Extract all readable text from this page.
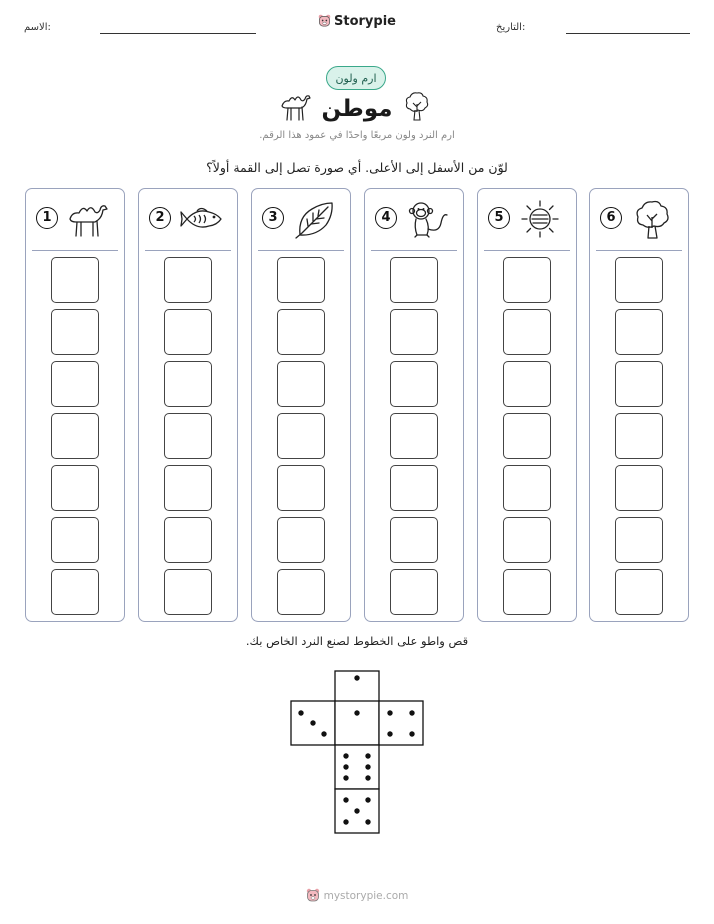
الاسم:	Storypie	التاريخ:
ارم ولون
موطن
ارم النرد ولون مربعًا واحدًا في عمود هذا الرقم.
لوّن من الأسفل إلى الأعلى. أي صورة تصل إلى القمة أولاً؟
1	2	3	4	5	6
قص واطو على الخطوط لصنع النرد الخاص بك.
mystorypie.com
